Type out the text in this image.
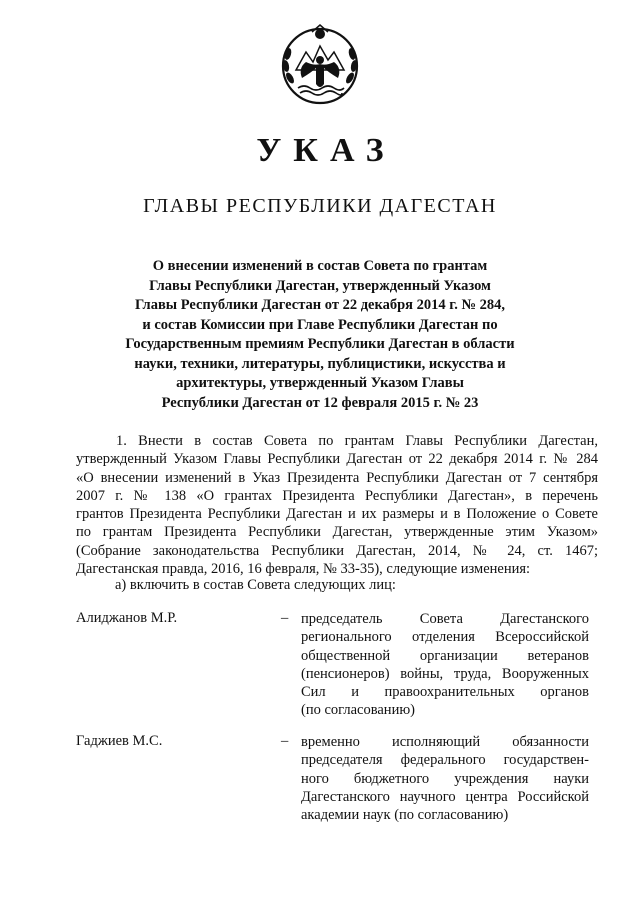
УКАЗ
ГЛАВЫ РЕСПУБЛИКИ ДАГЕСТАН
О внесении изменений в состав Совета по грантам
Главы Республики Дагестан, утвержденный Указом
Главы Республики Дагестан от 22 декабря 2014 г. № 284,
и состав Комиссии при Главе Республики Дагестан по
Государственным премиям Республики Дагестан в области
науки, техники, литературы, публицистики, искусства и
архитектуры, утвержденный Указом Главы
Республики Дагестан от 12 февраля 2015 г. № 23
1. Внести в состав Совета по грантам Главы Республики Дагестан,
утвержденный Указом Главы Республики Дагестан от 22 декабря 2014 г. № 284
«О внесении изменений в Указ Президента Республики Дагестан от 7 сентября
2007 г. № 138 «О грантах Президента Республики Дагестан», в перечень
грантов Президента Республики Дагестан и их размеры и в Положение о Совете
по грантам Президента Республики Дагестан, утвержденные этим Указом»
(Собрание законодательства Республики Дагестан, 2014, № 24, ст. 1467;
Дагестанская правда, 2016, 16 февраля, № 33-35), следующие изменения:
а) включить в состав Совета следующих лиц:
Алиджанов М.Р.	– председатель Совета Дагестанского
регионального отделения Всероссийской
общественной организации ветеранов
(пенсионеров) войны, труда, Вооруженных
Сил и правоохранительных органов
(по согласованию)
Гаджиев М.С.	– временно исполняющий обязанности
председателя федерального государствен-
ного бюджетного учреждения науки
Дагестанского научного центра Российской
академии наук (по согласованию)
